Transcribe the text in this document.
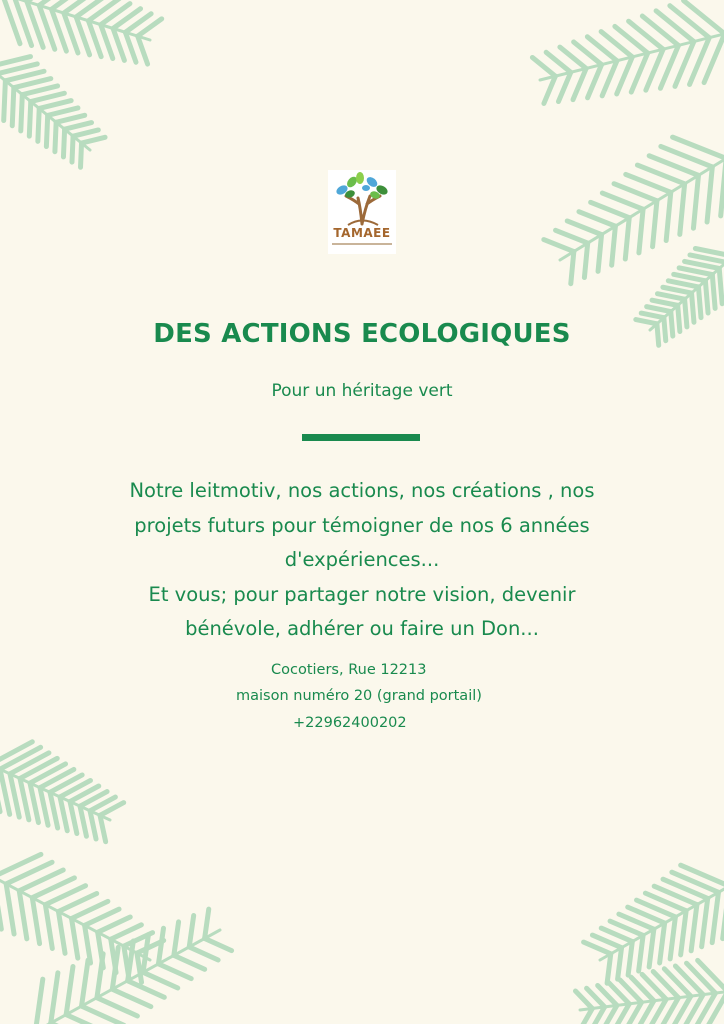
TAMAEE
DES ACTIONS ECOLOGIQUES
Pour un héritage vert
Notre leitmotiv, nos actions, nos créations , nos
projets futurs pour témoigner de nos 6 années
d'expériences...
Et vous; pour partager notre vision, devenir
bénévole, adhérer ou faire un Don...
Cocotiers, Rue 12213
maison numéro 20 (grand portail)
+22962400202
